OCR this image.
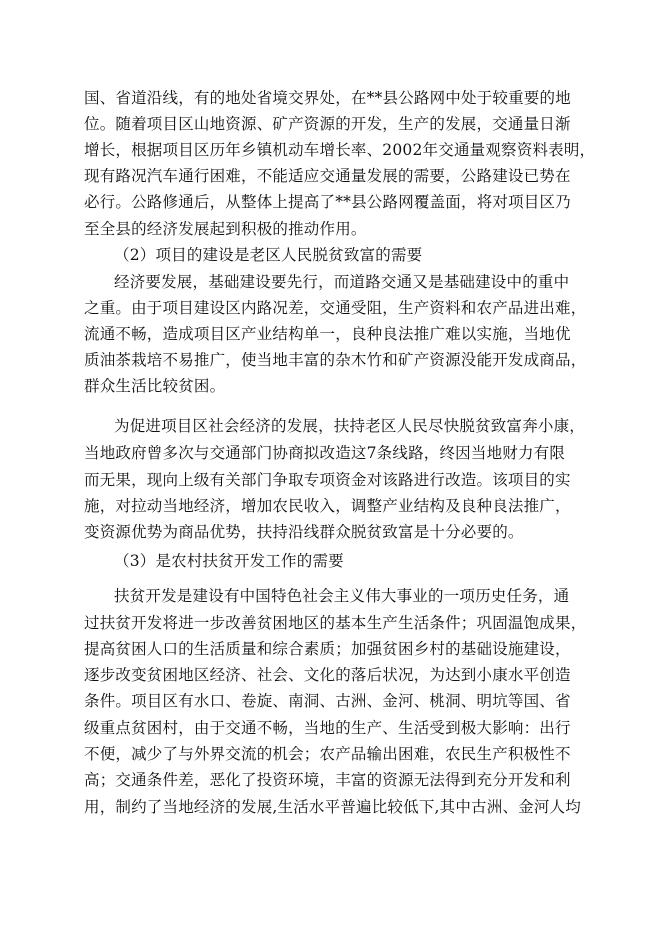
国、省道沿线，有的地处省境交界处，在**县公路网中处于较重要的地
位。随着项目区山地资源、矿产资源的开发，生产的发展，交通量日渐
增长，根据项目区历年乡镇机动车增长率、2002年交通量观察资料表明，
现有路况汽车通行困难，不能适应交通量发展的需要，公路建设已势在
必行。公路修通后，从整体上提高了**县公路网覆盖面，将对项目区乃
至全县的经济发展起到积极的推动作用。
（2）项目的建设是老区人民脱贫致富的需要
经济要发展，基础建设要先行，而道路交通又是基础建设中的重中
之重。由于项目建设区内路况差，交通受阻，生产资料和农产品进出难，
流通不畅，造成项目区产业结构单一，良种良法推广难以实施，当地优
质油茶栽培不易推广，使当地丰富的杂木竹和矿产资源没能开发成商品，
群众生活比较贫困。
为促进项目区社会经济的发展，扶持老区人民尽快脱贫致富奔小康，
当地政府曾多次与交通部门协商拟改造这7条线路，终因当地财力有限
而无果，现向上级有关部门争取专项资金对该路进行改造。该项目的实
施，对拉动当地经济，增加农民收入，调整产业结构及良种良法推广，
变资源优势为商品优势，扶持沿线群众脱贫致富是十分必要的。
（3）是农村扶贫开发工作的需要
扶贫开发是建设有中国特色社会主义伟大事业的一项历史任务，通
过扶贫开发将进一步改善贫困地区的基本生产生活条件；巩固温饱成果，
提高贫困人口的生活质量和综合素质；加强贫困乡村的基础设施建设，
逐步改变贫困地区经济、社会、文化的落后状况，为达到小康水平创造
条件。项目区有水口、卷旋、南洞、古洲、金河、桃洞、明坑等国、省
级重点贫困村，由于交通不畅，当地的生产、生活受到极大影响：出行
不便，减少了与外界交流的机会；农产品输出困难，农民生产积极性不
高；交通条件差，恶化了投资环境，丰富的资源无法得到充分开发和利
用，制约了当地经济的发展,生活水平普遍比较低下,其中古洲、金河人均
